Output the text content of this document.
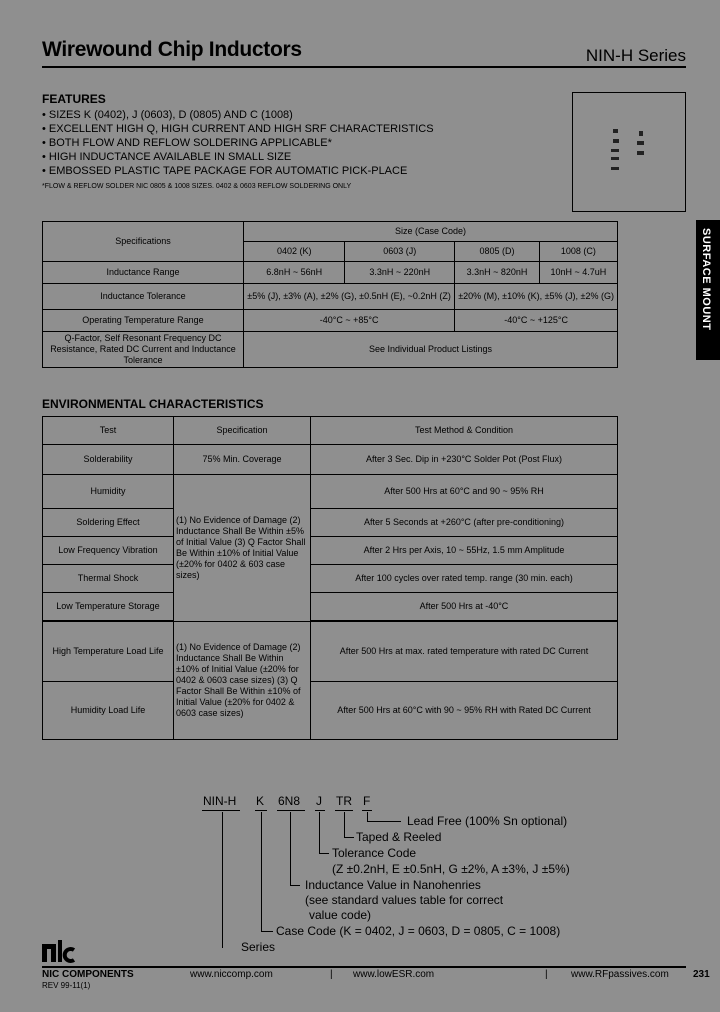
Wirewound Chip Inductors	NIN-H Series
FEATURES
• SIZES K (0402), J (0603), D (0805) AND C (1008)
• EXCELLENT HIGH Q, HIGH CURRENT AND HIGH SRF CHARACTERISTICS
• BOTH FLOW AND REFLOW SOLDERING APPLICABLE*
• HIGH INDUCTANCE AVAILABLE IN SMALL SIZE
• EMBOSSED PLASTIC TAPE PACKAGE FOR AUTOMATIC PICK-PLACE
*FLOW & REFLOW SOLDER NIC 0805 & 1008 SIZES. 0402 & 0603 REFLOW SOLDERING ONLY
SURFACE MOUNT
Specifications	Size (Case Code)			
	0402 (K)	0603 (J)	0805 (D)	1008 (C)
Inductance Range	6.8nH ~ 56nH	3.3nH ~ 220nH	3.3nH ~ 820nH	10nH ~ 4.7uH
Inductance Tolerance	±5% (J), ±3% (A), ±2% (G), ±0.5nH (E), ~0.2nH (Z)		±20% (M), ±10% (K), ±5% (J), ±2% (G)	
Operating Temperature Range	-40°C ~ +85°C		-40°C ~ +125°C	
Q-Factor, Self Resonant Frequency DC Resistance, Rated DC Current and Inductance Tolerance	See Individual Product Listings			
ENVIRONMENTAL CHARACTERISTICS
Test	Specification	Test Method & Condition
Solderability	75% Min. Coverage	After 3 Sec. Dip in +230°C Solder Pot (Post Flux)
Humidity	(1) No Evidence of Damage (2) Inductance Shall Be Within ±5% of Initial Value (3) Q Factor Shall Be Within ±10% of Initial Value (±20% for 0402 & 603 case sizes)	After 500 Hrs at 60°C and 90 ~ 95% RH
Soldering Effect		After 5 Seconds at +260°C (after pre-conditioning)
Low Frequency Vibration		After 2 Hrs per Axis, 10 ~ 55Hz, 1.5 mm Amplitude
Thermal Shock		After 100 cycles over rated temp. range (30 min. each)
Low Temperature Storage		After 500 Hrs at -40°C

High Temperature Load Life	(1) No Evidence of Damage (2) Inductance Shall Be Within ±10% of Initial Value (±20% for 0402 & 0603 case sizes) (3) Q Factor Shall Be Within ±10% of Initial Value (±20% for 0402 & 0603 case sizes)	After 500 Hrs at max. rated temperature with rated DC Current
Humidity Load Life		After 500 Hrs at 60°C with 90 ~ 95% RH with Rated DC Current
NIN-H K 6N8 J TR F
Lead Free (100% Sn optional)
Taped & Reeled
Tolerance Code
(Z ±0.2nH, E ±0.5nH, G ±2%, A ±3%, J ±5%)
Inductance Value in Nanohenries
(see standard values table for correct
value code)
Case Code (K = 0402, J = 0603, D = 0805, C = 1008)
Series
NIC COMPONENTS
REV 99-11(1)
www.niccomp.com	| www.lowESR.com	| www.RFpassives.com 231
